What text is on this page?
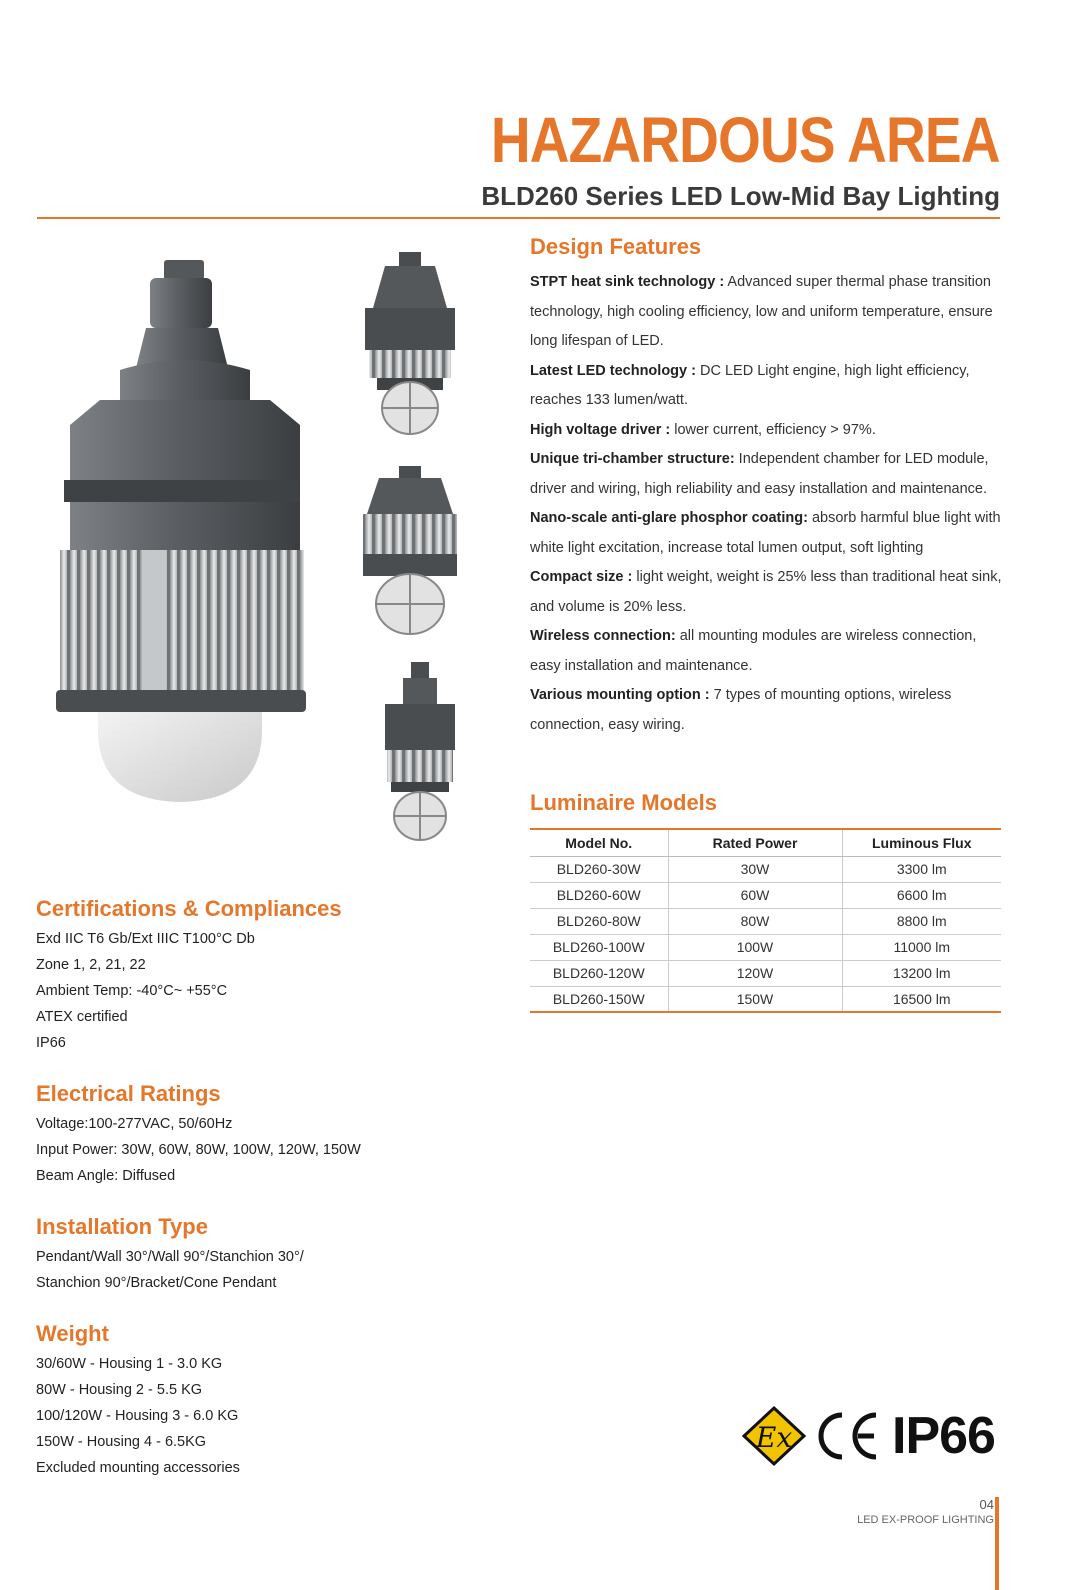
HAZARDOUS AREA
BLD260 Series LED Low-Mid Bay Lighting
Design Features
STPT heat sink technology : Advanced super thermal phase transition technology, high cooling efficiency, low and uniform temperature, ensure long lifespan of LED.
Latest LED technology : DC LED Light engine, high light efficiency, reaches 133 lumen/watt.
High voltage driver : lower current, efficiency > 97%.
Unique tri-chamber structure: Independent chamber for LED module, driver and wiring, high reliability and easy installation and maintenance.
Nano-scale anti-glare phosphor coating: absorb harmful blue light with white light excitation, increase total lumen output, soft lighting
Compact size : light weight, weight is 25% less than traditional heat sink, and volume is 20% less.
Wireless connection: all mounting modules are wireless connection, easy installation and maintenance.
Various mounting option : 7 types of mounting options, wireless connection, easy wiring.
Luminaire Models
Model No.	Rated Power	Luminous Flux
BLD260-30W	30W	3300 lm
BLD260-60W	60W	6600 lm
BLD260-80W	80W	8800 lm
BLD260-100W	100W	11000 lm
BLD260-120W	120W	13200 lm
BLD260-150W	150W	16500 lm
Certifications & Compliances
Exd IIC T6 Gb/Ext IIIC T100°C Db
Zone 1, 2, 21, 22
Ambient Temp: -40°C~ +55°C
ATEX certified
IP66
Electrical Ratings
Voltage:100-277VAC, 50/60Hz
Input Power: 30W, 60W, 80W, 100W, 120W, 150W
Beam Angle: Diffused
Installation Type
Pendant/Wall 30°/Wall 90°/Stanchion 30°/
Stanchion 90°/Bracket/Cone Pendant
Weight
30/60W - Housing 1 - 3.0 KG
80W - Housing 2 - 5.5 KG
100/120W - Housing 3 - 6.0 KG
150W - Housing 4 - 6.5KG
Excluded mounting accessories
Ex IP66
04
LED EX-PROOF LIGHTING
